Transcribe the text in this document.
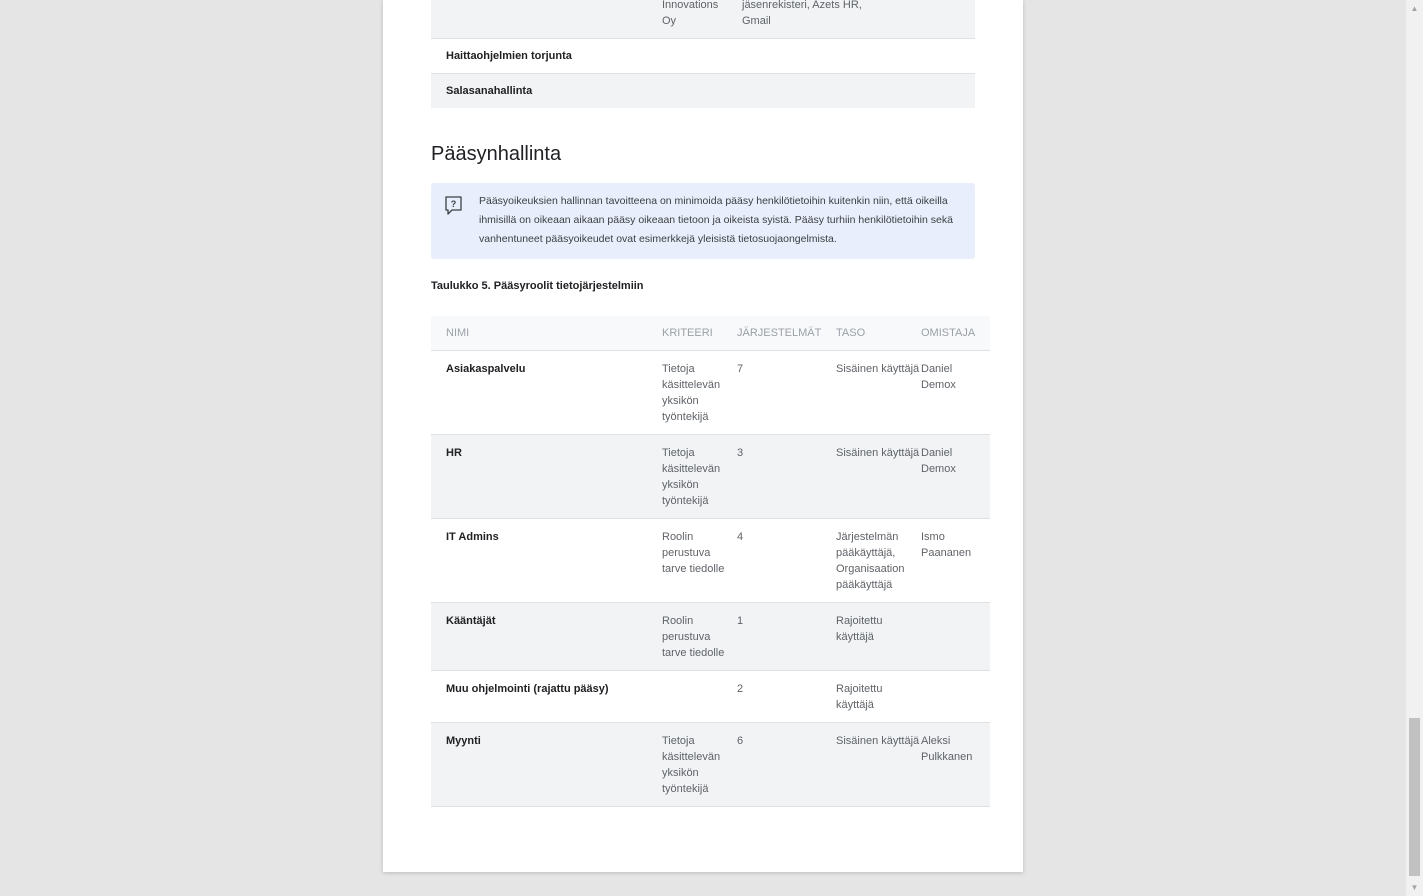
Innovations
Oy
jäsenrekisteri, Azets HR,
Gmail
Haittaohjelmien torjunta
Salasanahallinta
Pääsynhallinta
? Pääsyoikeuksien hallinnan tavoitteena on minimoida pääsy henkilötietoihin kuitenkin niin, että oikeilla ihmisillä on oikeaan aikaan pääsy oikeaan tietoon ja oikeista syistä. Pääsy turhiin henkilötietoihin sekä vanhentuneet pääsyoikeudet ovat esimerkkejä yleisistä tietosuojaongelmista.
Taulukko 5. Pääsyroolit tietojärjestelmiin
NIMI	KRITEERI	JÄRJESTELMÄT	TASO	OMISTAJA
Asiakaspalvelu	Tietoja käsittelevän yksikön työntekijä	7	Sisäinen käyttäjä	Daniel Demox
HR	Tietoja käsittelevän yksikön työntekijä	3	Sisäinen käyttäjä	Daniel Demox
IT Admins	Roolin perustuva tarve tiedolle	4	Järjestelmän pääkäyttäjä, Organisaation pääkäyttäjä	Ismo Paananen
Kääntäjät	Roolin perustuva tarve tiedolle	1	Rajoitettu käyttäjä	
Muu ohjelmointi (rajattu pääsy)		2	Rajoitettu käyttäjä	
Myynti	Tietoja käsittelevän yksikön työntekijä	6	Sisäinen käyttäjä	Aleksi Pulkkanen
▲
▼
